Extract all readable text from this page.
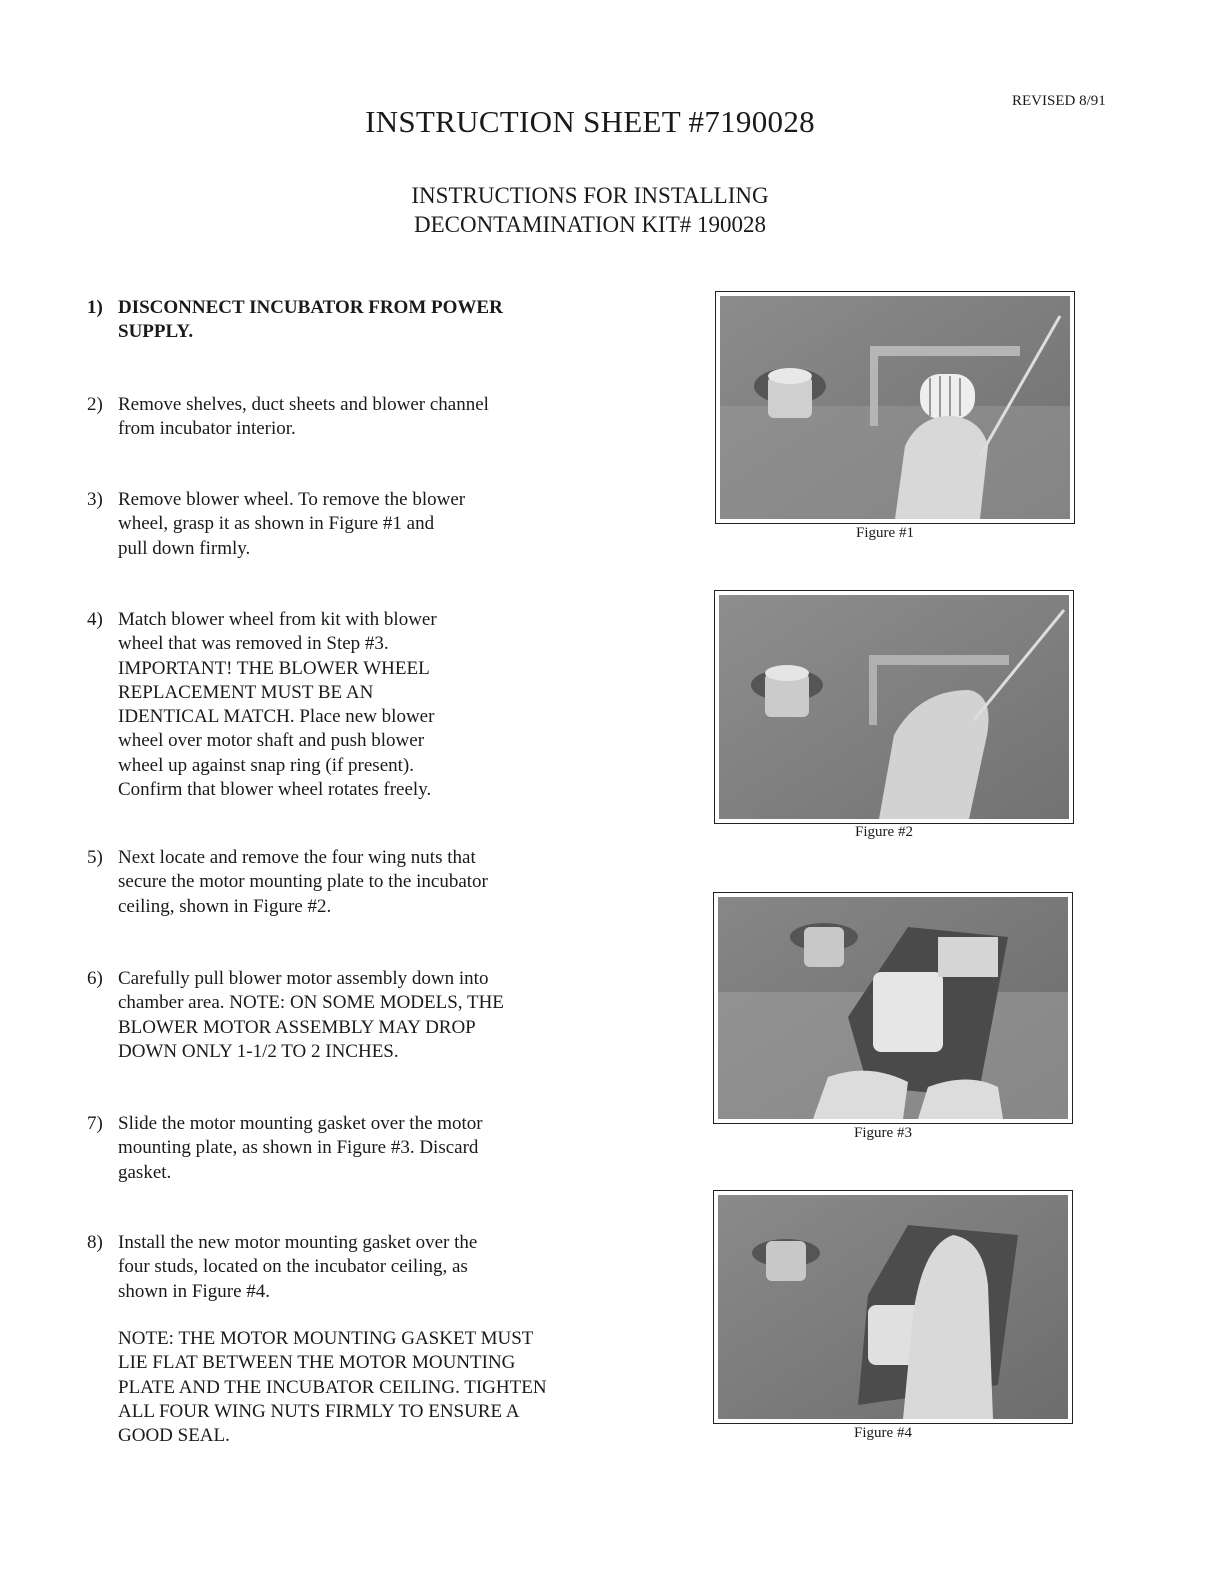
REVISED 8/91
INSTRUCTION SHEET #7190028
INSTRUCTIONS FOR INSTALLING
DECONTAMINATION KIT# 190028
1) DISCONNECT INCUBATOR FROM POWER
SUPPLY.
2) Remove shelves, duct sheets and blower channel
from incubator interior.
3) Remove blower wheel. To remove the blower
wheel, grasp it as shown in Figure #1 and
pull down firmly.
4) Match blower wheel from kit with blower
wheel that was removed in Step #3.
IMPORTANT! THE BLOWER WHEEL
REPLACEMENT MUST BE AN
IDENTICAL MATCH. Place new blower
wheel over motor shaft and push blower
wheel up against snap ring (if present).
Confirm that blower wheel rotates freely.
5) Next locate and remove the four wing nuts that
secure the motor mounting plate to the incubator
ceiling, shown in Figure #2.
6) Carefully pull blower motor assembly down into
chamber area. NOTE: ON SOME MODELS, THE
BLOWER MOTOR ASSEMBLY MAY DROP
DOWN ONLY 1-1/2 TO 2 INCHES.
7) Slide the motor mounting gasket over the motor
mounting plate, as shown in Figure #3. Discard
gasket.
8) Install the new motor mounting gasket over the
four studs, located on the incubator ceiling, as
shown in Figure #4.
NOTE: THE MOTOR MOUNTING GASKET MUST
LIE FLAT BETWEEN THE MOTOR MOUNTING
PLATE AND THE INCUBATOR CEILING. TIGHTEN
ALL FOUR WING NUTS FIRMLY TO ENSURE A
GOOD SEAL.
Figure #1
Figure #2
Figure #3
Figure #4
